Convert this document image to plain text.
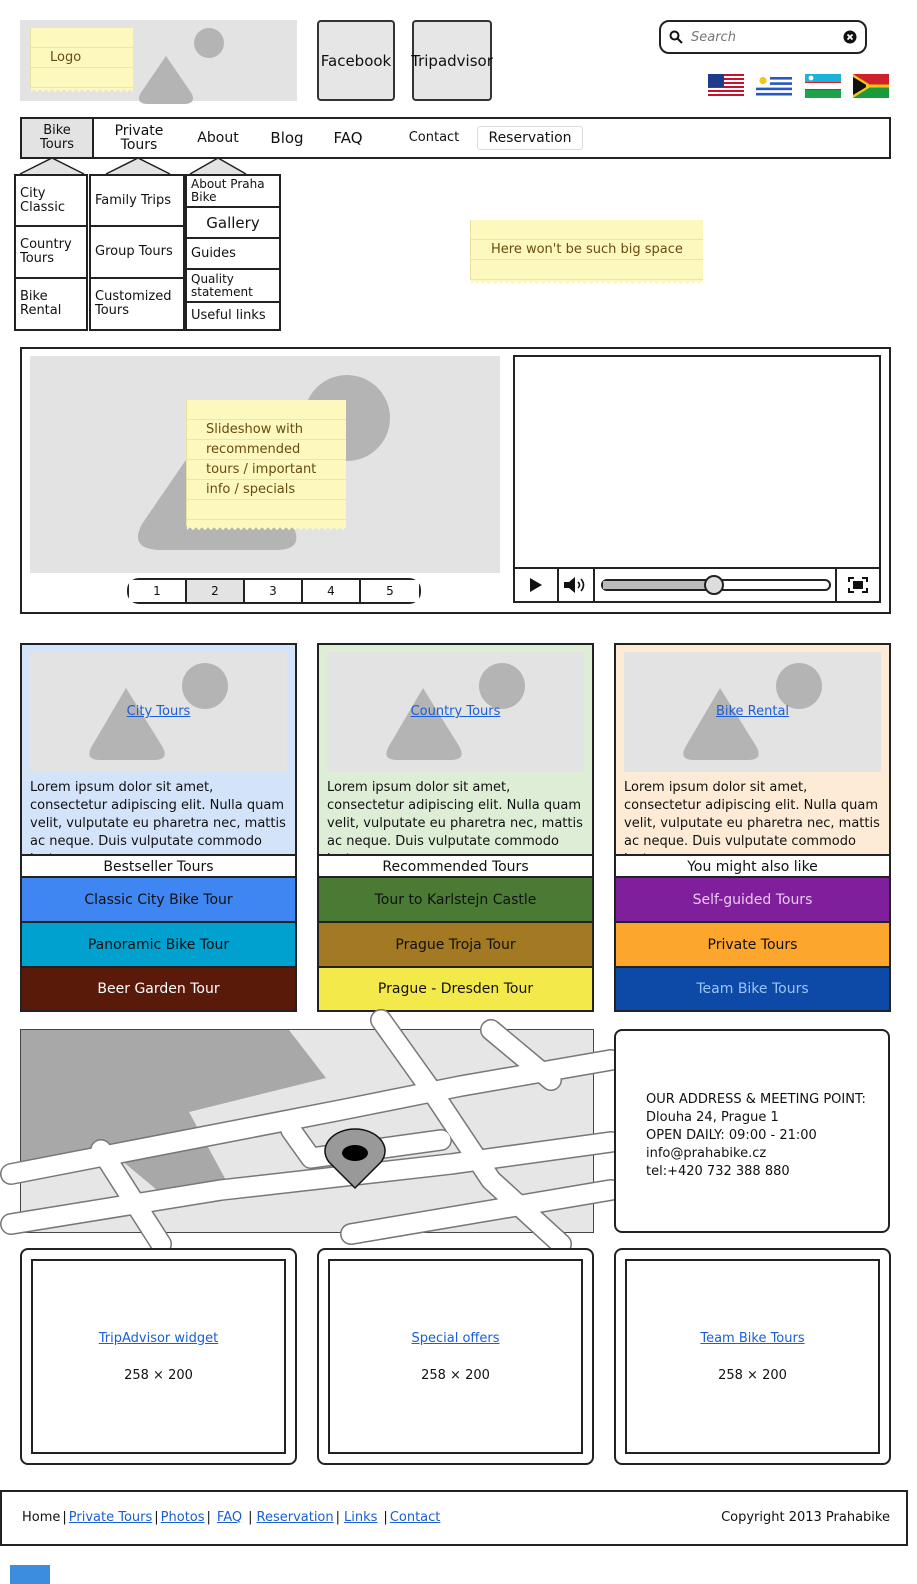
Logo	Facebook Tripadvisor
Search
Bike Tours
Private Tours	About Blog FAQ	Contact Reservation
City Classic
Country Tours
Bike Rental
Family Trips
Group Tours
Customized Tours
About Praha Bike
Gallery
Guides
Quality statement
Useful links
Here won't be such big space
Slideshow with recommended tours / important info / specials
1	2	3	4	5
City Tours
Lorem ipsum dolor sit amet, consectetur adipiscing elit. Nulla quam velit, vulputate eu pharetra nec, mattis ac neque. Duis vulputate commodo
Bestseller Tours
Classic City Bike Tour
Panoramic Bike Tour
Beer Garden Tour
Country Tours
Lorem ipsum dolor sit amet, consectetur adipiscing elit. Nulla quam velit, vulputate eu pharetra nec, mattis ac neque. Duis vulputate commodo
Recommended Tours
Tour to Karlstejn Castle
Prague Troja Tour
Prague - Dresden Tour
Bike Rental
Lorem ipsum dolor sit amet, consectetur adipiscing elit. Nulla quam velit, vulputate eu pharetra nec, mattis ac neque. Duis vulputate commodo
You might also like
Self-guided Tours
Private Tours
Team Bike Tours
OUR ADDRESS & MEETING POINT:
Dlouha 24, Prague 1
OPEN DAILY: 09:00 - 21:00
info@prahabike.cz
tel:+420 732 388 880
TripAdvisor widget
258 × 200
Special offers
258 × 200
Team Bike Tours
258 × 200
Home | Private Tours | Photos | FAQ | Reservation | Links | Contact	Copyright 2013 Prahabike
